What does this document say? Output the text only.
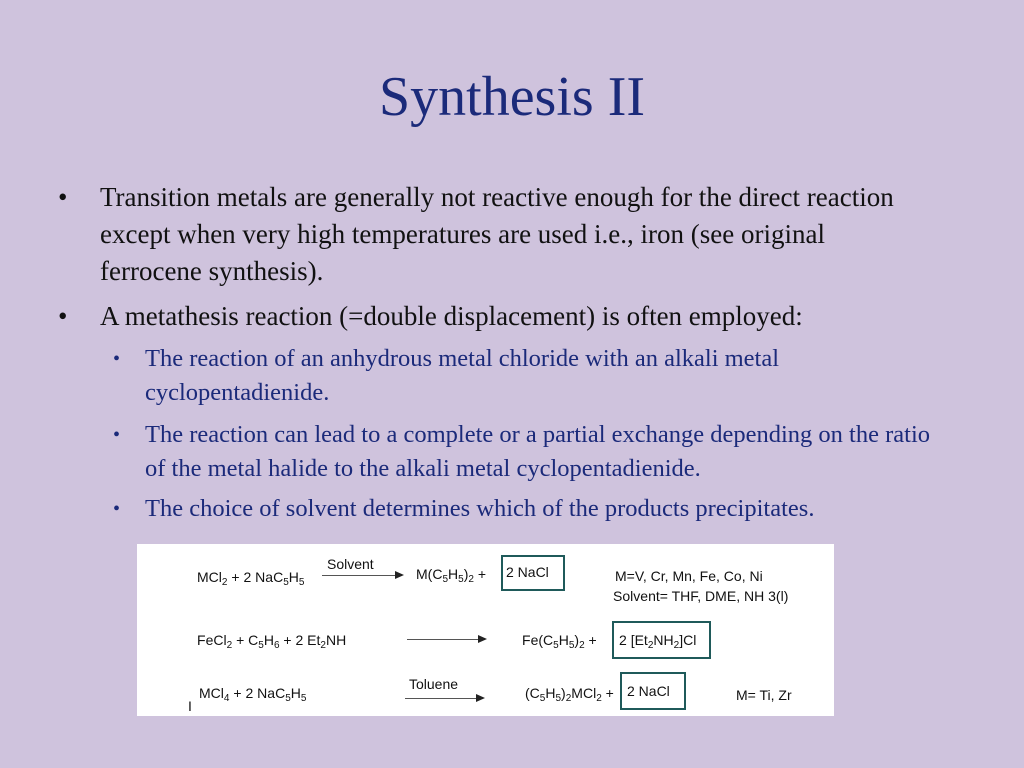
Synthesis II
• Transition metals are generally not reactive enough for the direct reaction except when very high temperatures are used i.e., iron (see original ferrocene synthesis).
• A metathesis reaction (=double displacement) is often employed:
• The reaction of an anhydrous metal chloride with an alkali metal cyclopentadienide.
• The reaction can lead to a complete or a partial exchange depending on the ratio of the metal halide to the alkali metal cyclopentadienide.
• The choice of solvent determines which of the products precipitates.
MCl$_2$ + 2 $NaC_5H_5$
Solvent
$M(C_5H_5)_2 + 2$ NaCl	M=V, Cr, Mn, Fe, Co, Ni
Solvent= THF, DME, NH 3(l)
FeCl$_2$ + $C_5H_6 + 2$ $Et_2NH$	$Fe(C_5H_5)_2 + 2$ $[Et_2NH_2]Cl$
MCl$_4$ + 2 $NaC_5H_5$
I
Toluene
$(C_5H_5)_2MCl_2 + 2$ NaCl	M= Ti, Zr
